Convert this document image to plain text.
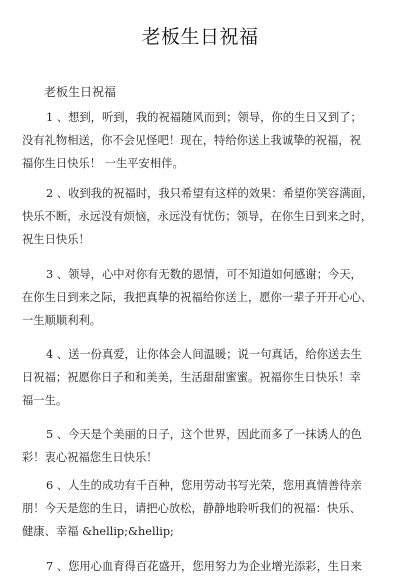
老板生日祝福
老板生日祝福
1 、想到，听到，我的祝福随风而到；领导，你的生日又到了；
没有礼物相送，你不会见怪吧！现在，特给你送上我诚挚的祝福，祝
福你生日快乐！ 一生平安相伴。
2 、收到我的祝福时，我只希望有这样的效果：希望你笑容满面，
快乐不断，永远没有烦恼，永远没有忧伤；领导，在你生日到来之时，
祝生日快乐！
3 、领导，心中对你有无数的恩情，可不知道如何感谢；今天，
在你生日到来之际，我把真挚的祝福给你送上，愿你一辈子开开心心、
一生顺顺利利。
4 、送一份真爱，让你体会人间温暖；说一句真话，给你送去生
日祝福；祝愿你日子和和美美，生活甜甜蜜蜜。祝福你生日快乐！幸
福一生。
5 、今天是个美丽的日子，这个世界，因此而多了一抹诱人的色
彩！衷心祝福您生日快乐！
6 、人生的成功有千百种，您用劳动书写光荣，您用真情善待亲
朋！今天是您的生日，请把心放松，静静地聆听我们的祝福：快乐、
健康、幸福 &hellip;&hellip;
7 、您用心血育得百花盛开，您用努力为企业增光添彩，生日来
